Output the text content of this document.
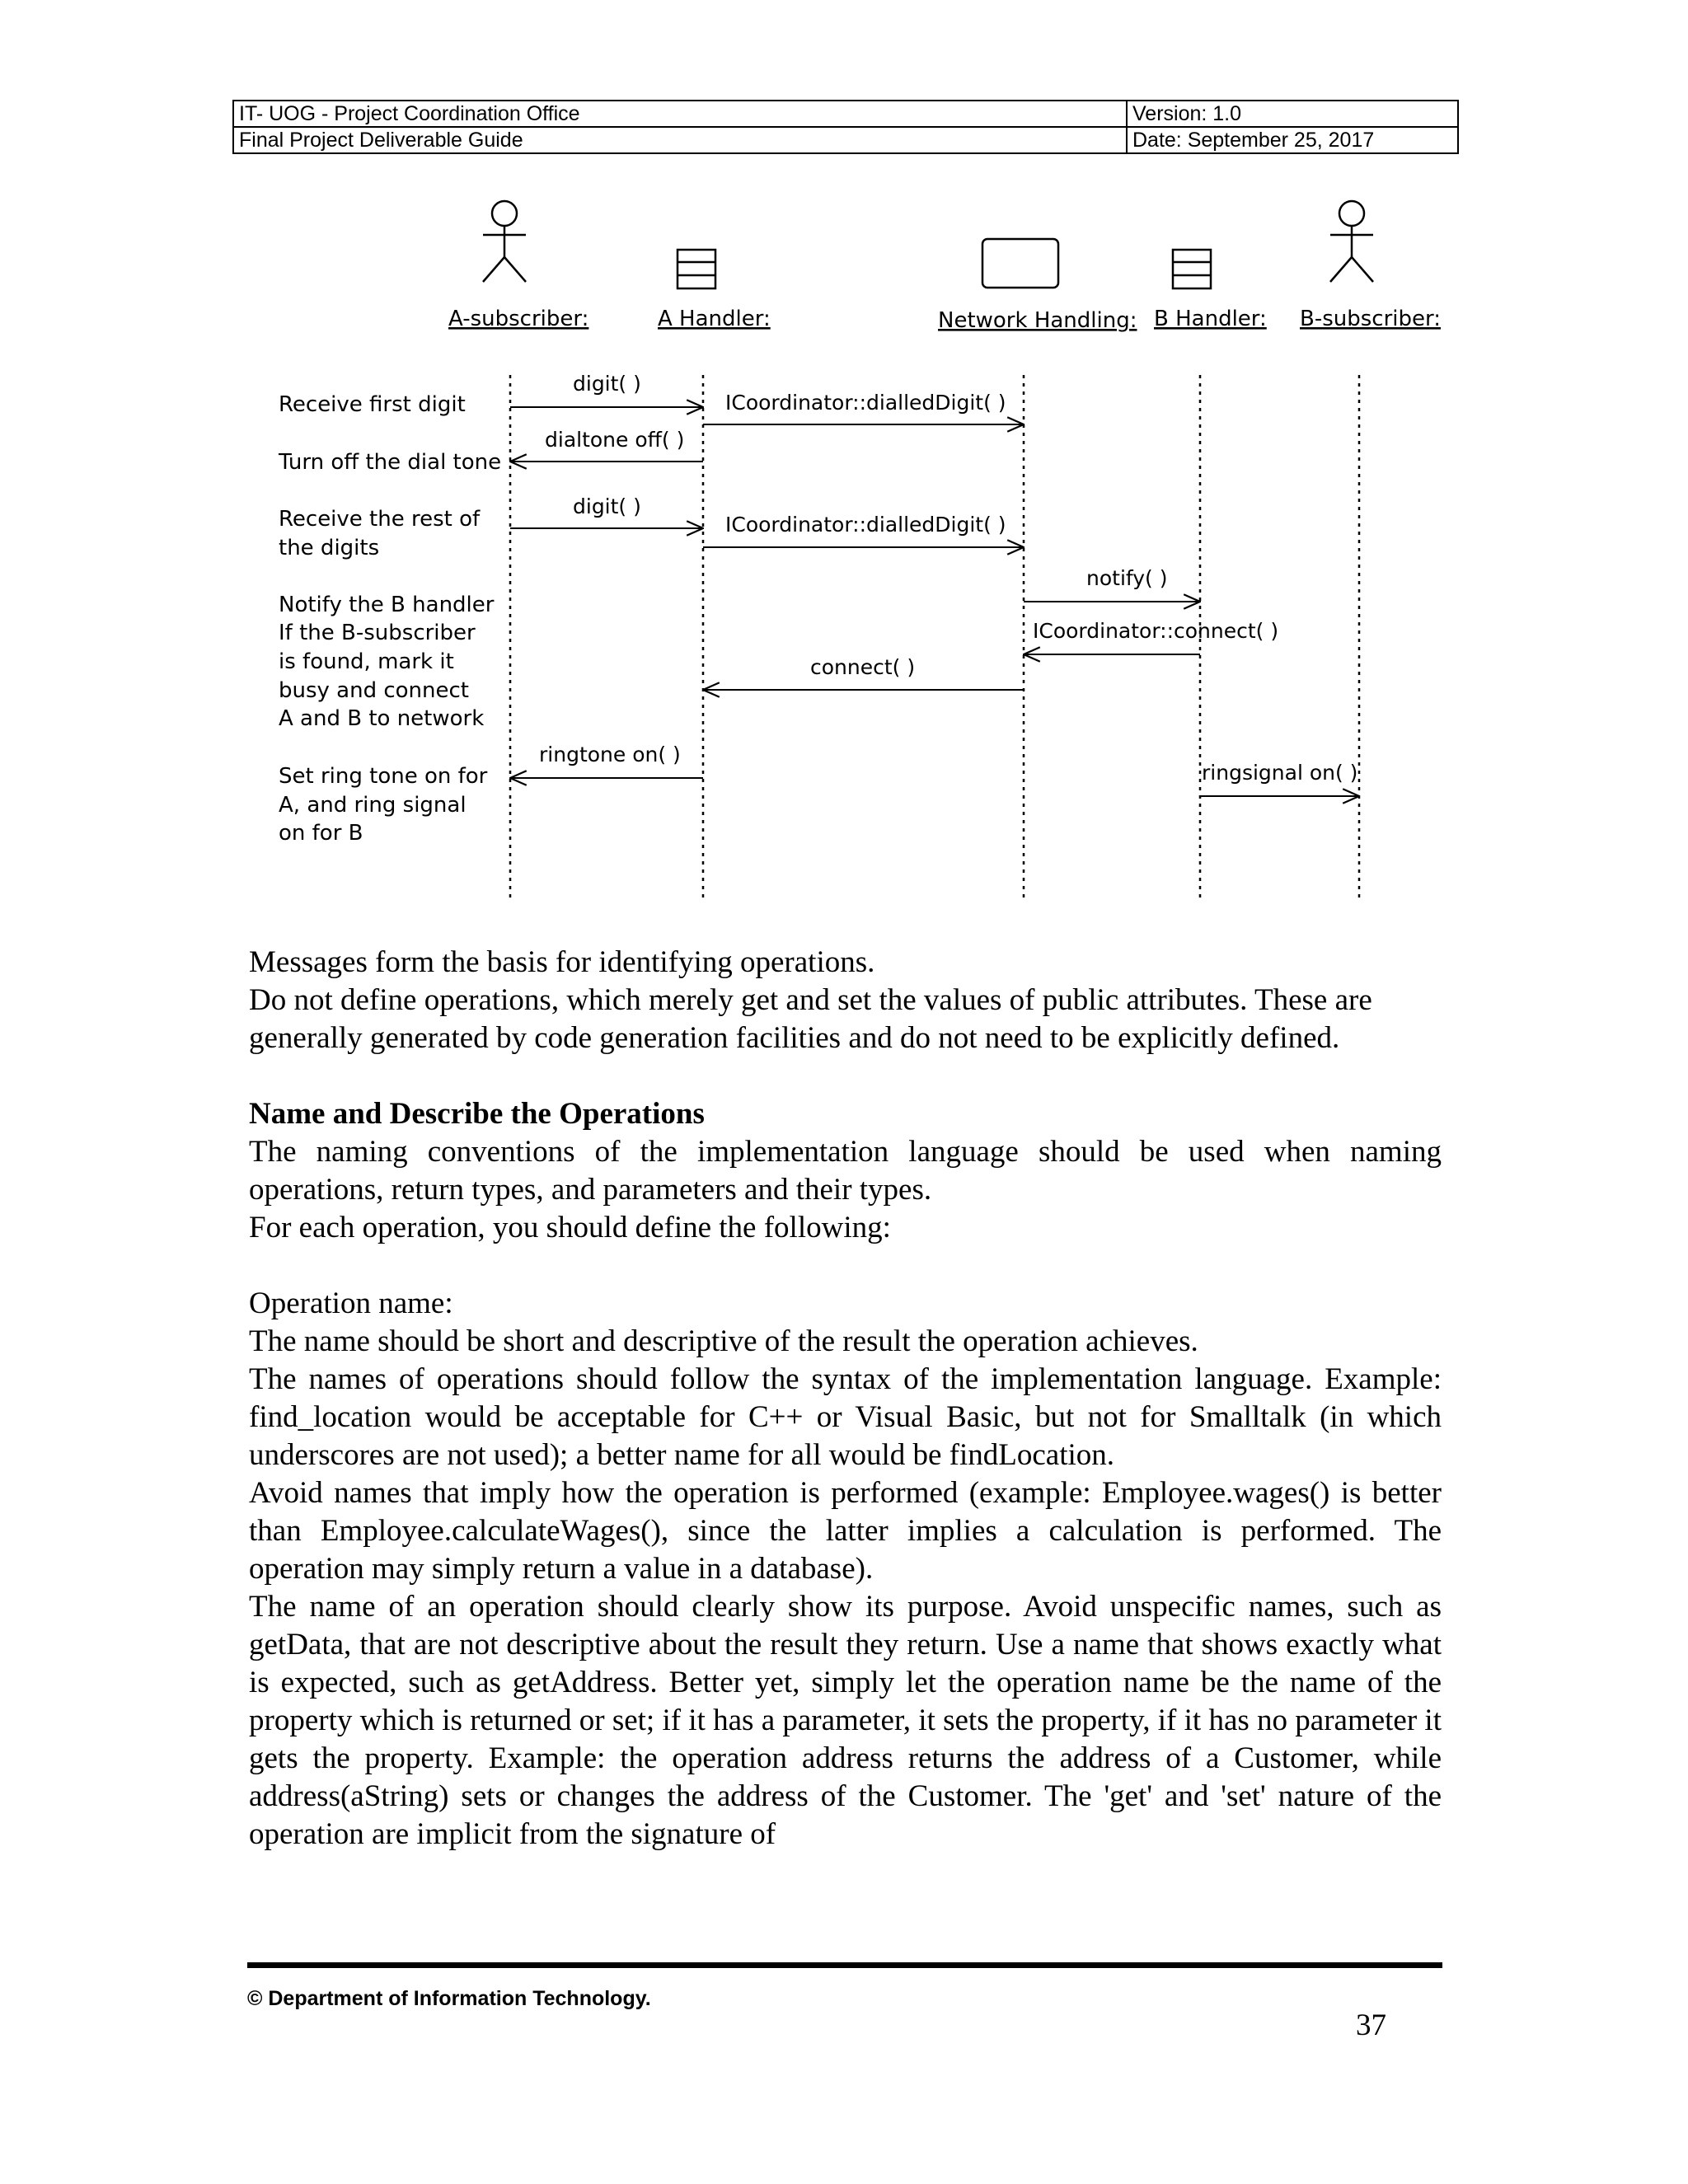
IT- UOG - Project Coordination Office	Version: 1.0
Final Project Deliverable Guide	Date: September 25, 2017
A-subscriber:	A Handler:	Network Handling: B Handler: B-subscriber:
Receive first digit
Turn off the dial tone
Receive the rest of
the digits
Notify the B handler
If the B-subscriber
is found, mark it
busy and connect
A and B to network
Set ring tone on for
A, and ring signal
on for B
digit( )
ICoordinator::dialledDigit( )
dialtone off( )
digit( )
ICoordinator::dialledDigit( )
notify( )
ICoordinator::connect( )
connect( )
ringtone on( )
ringsignal on( )

Messages form the basis for identifying operations.

Do not define operations, which merely get and set the values of public attributes. These are generally generated by code generation facilities and do not need to be explicitly defined.

Name and Describe the Operations

The naming conventions of the implementation language should be used when naming operations, return types, and parameters and their types.

For each operation, you should define the following:

Operation name:

The name should be short and descriptive of the result the operation achieves.

The names of operations should follow the syntax of the implementation language. Example: find_location would be acceptable for C++ or Visual Basic, but not for Smalltalk (in which underscores are not used); a better name for all would be findLocation.

Avoid names that imply how the operation is performed (example: Employee.wages() is better than Employee.calculateWages(), since the latter implies a calculation is performed. The operation may simply return a value in a database).

The name of an operation should clearly show its purpose. Avoid unspecific names, such as getData, that are not descriptive about the result they return. Use a name that shows exactly what is expected, such as getAddress. Better yet, simply let the operation name be the name of the property which is returned or set; if it has a parameter, it sets the property, if it has no parameter it gets the property. Example: the operation address returns the address of a Customer, while address(aString) sets or changes the address of the Customer. The 'get' and 'set' nature of the operation are implicit from the signature of

© Department of Information Technology.
37
